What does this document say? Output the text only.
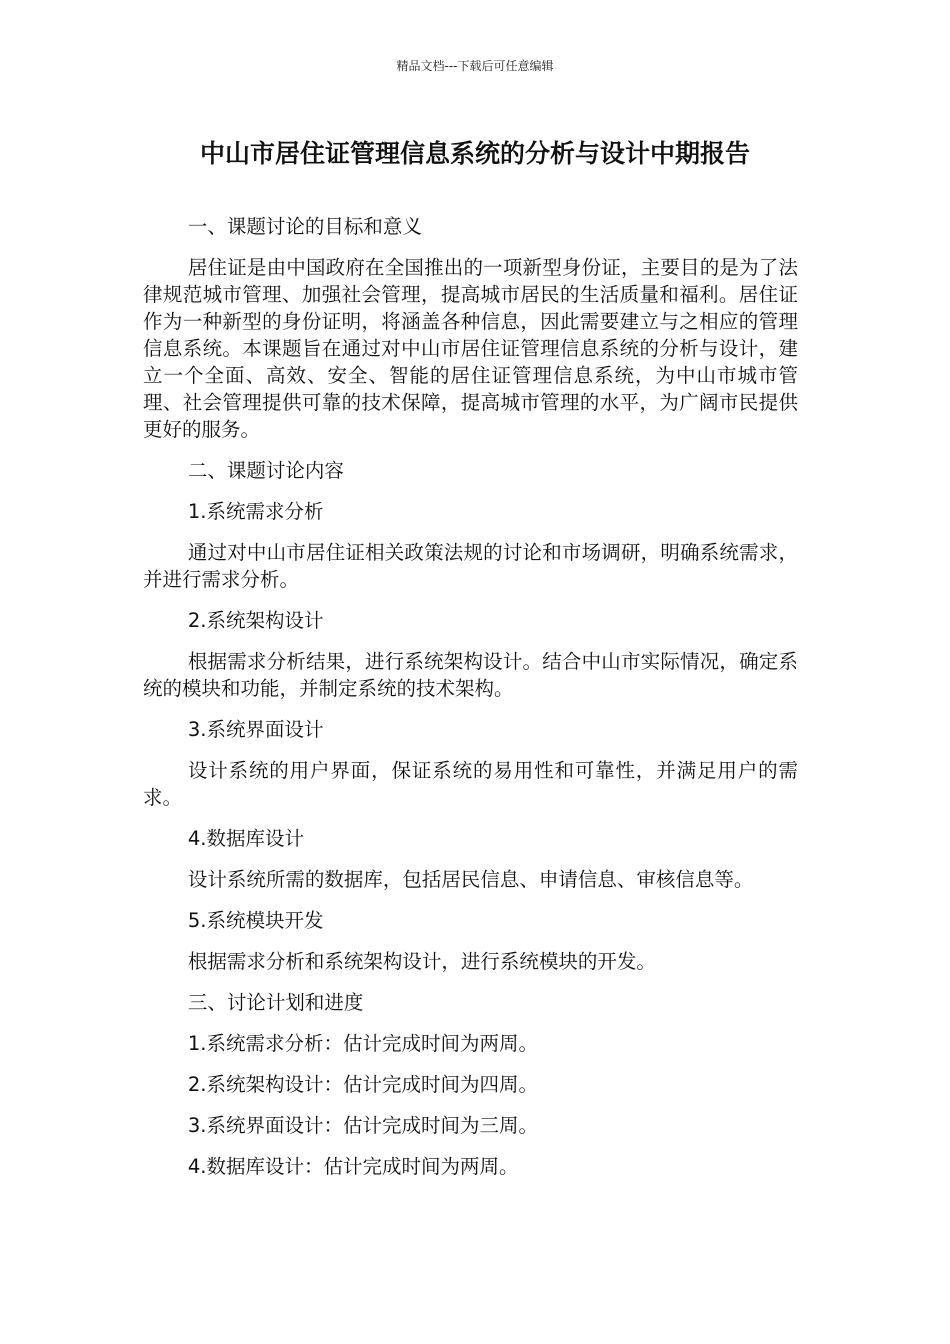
精品文档---下载后可任意编辑
中山市居住证管理信息系统的分析与设计中期报告

一、课题讨论的目标和意义

居住证是由中国政府在全国推出的一项新型身份证，主要目的是为了法律规范城市管理、加强社会管理，提高城市居民的生活质量和福利。居住证作为一种新型的身份证明，将涵盖各种信息，因此需要建立与之相应的管理信息系统。本课题旨在通过对中山市居住证管理信息系统的分析与设计，建立一个全面、高效、安全、智能的居住证管理信息系统，为中山市城市管理、社会管理提供可靠的技术保障，提高城市管理的水平，为广阔市民提供更好的服务。

二、课题讨论内容

1.系统需求分析

通过对中山市居住证相关政策法规的讨论和市场调研，明确系统需求，并进行需求分析。

2.系统架构设计

根据需求分析结果，进行系统架构设计。结合中山市实际情况，确定系统的模块和功能，并制定系统的技术架构。

3.系统界面设计

设计系统的用户界面，保证系统的易用性和可靠性，并满足用户的需求。

4.数据库设计

设计系统所需的数据库，包括居民信息、申请信息、审核信息等。

5.系统模块开发

根据需求分析和系统架构设计，进行系统模块的开发。

三、讨论计划和进度

1.系统需求分析：估计完成时间为两周。

2.系统架构设计：估计完成时间为四周。

3.系统界面设计：估计完成时间为三周。

4.数据库设计：估计完成时间为两周。
